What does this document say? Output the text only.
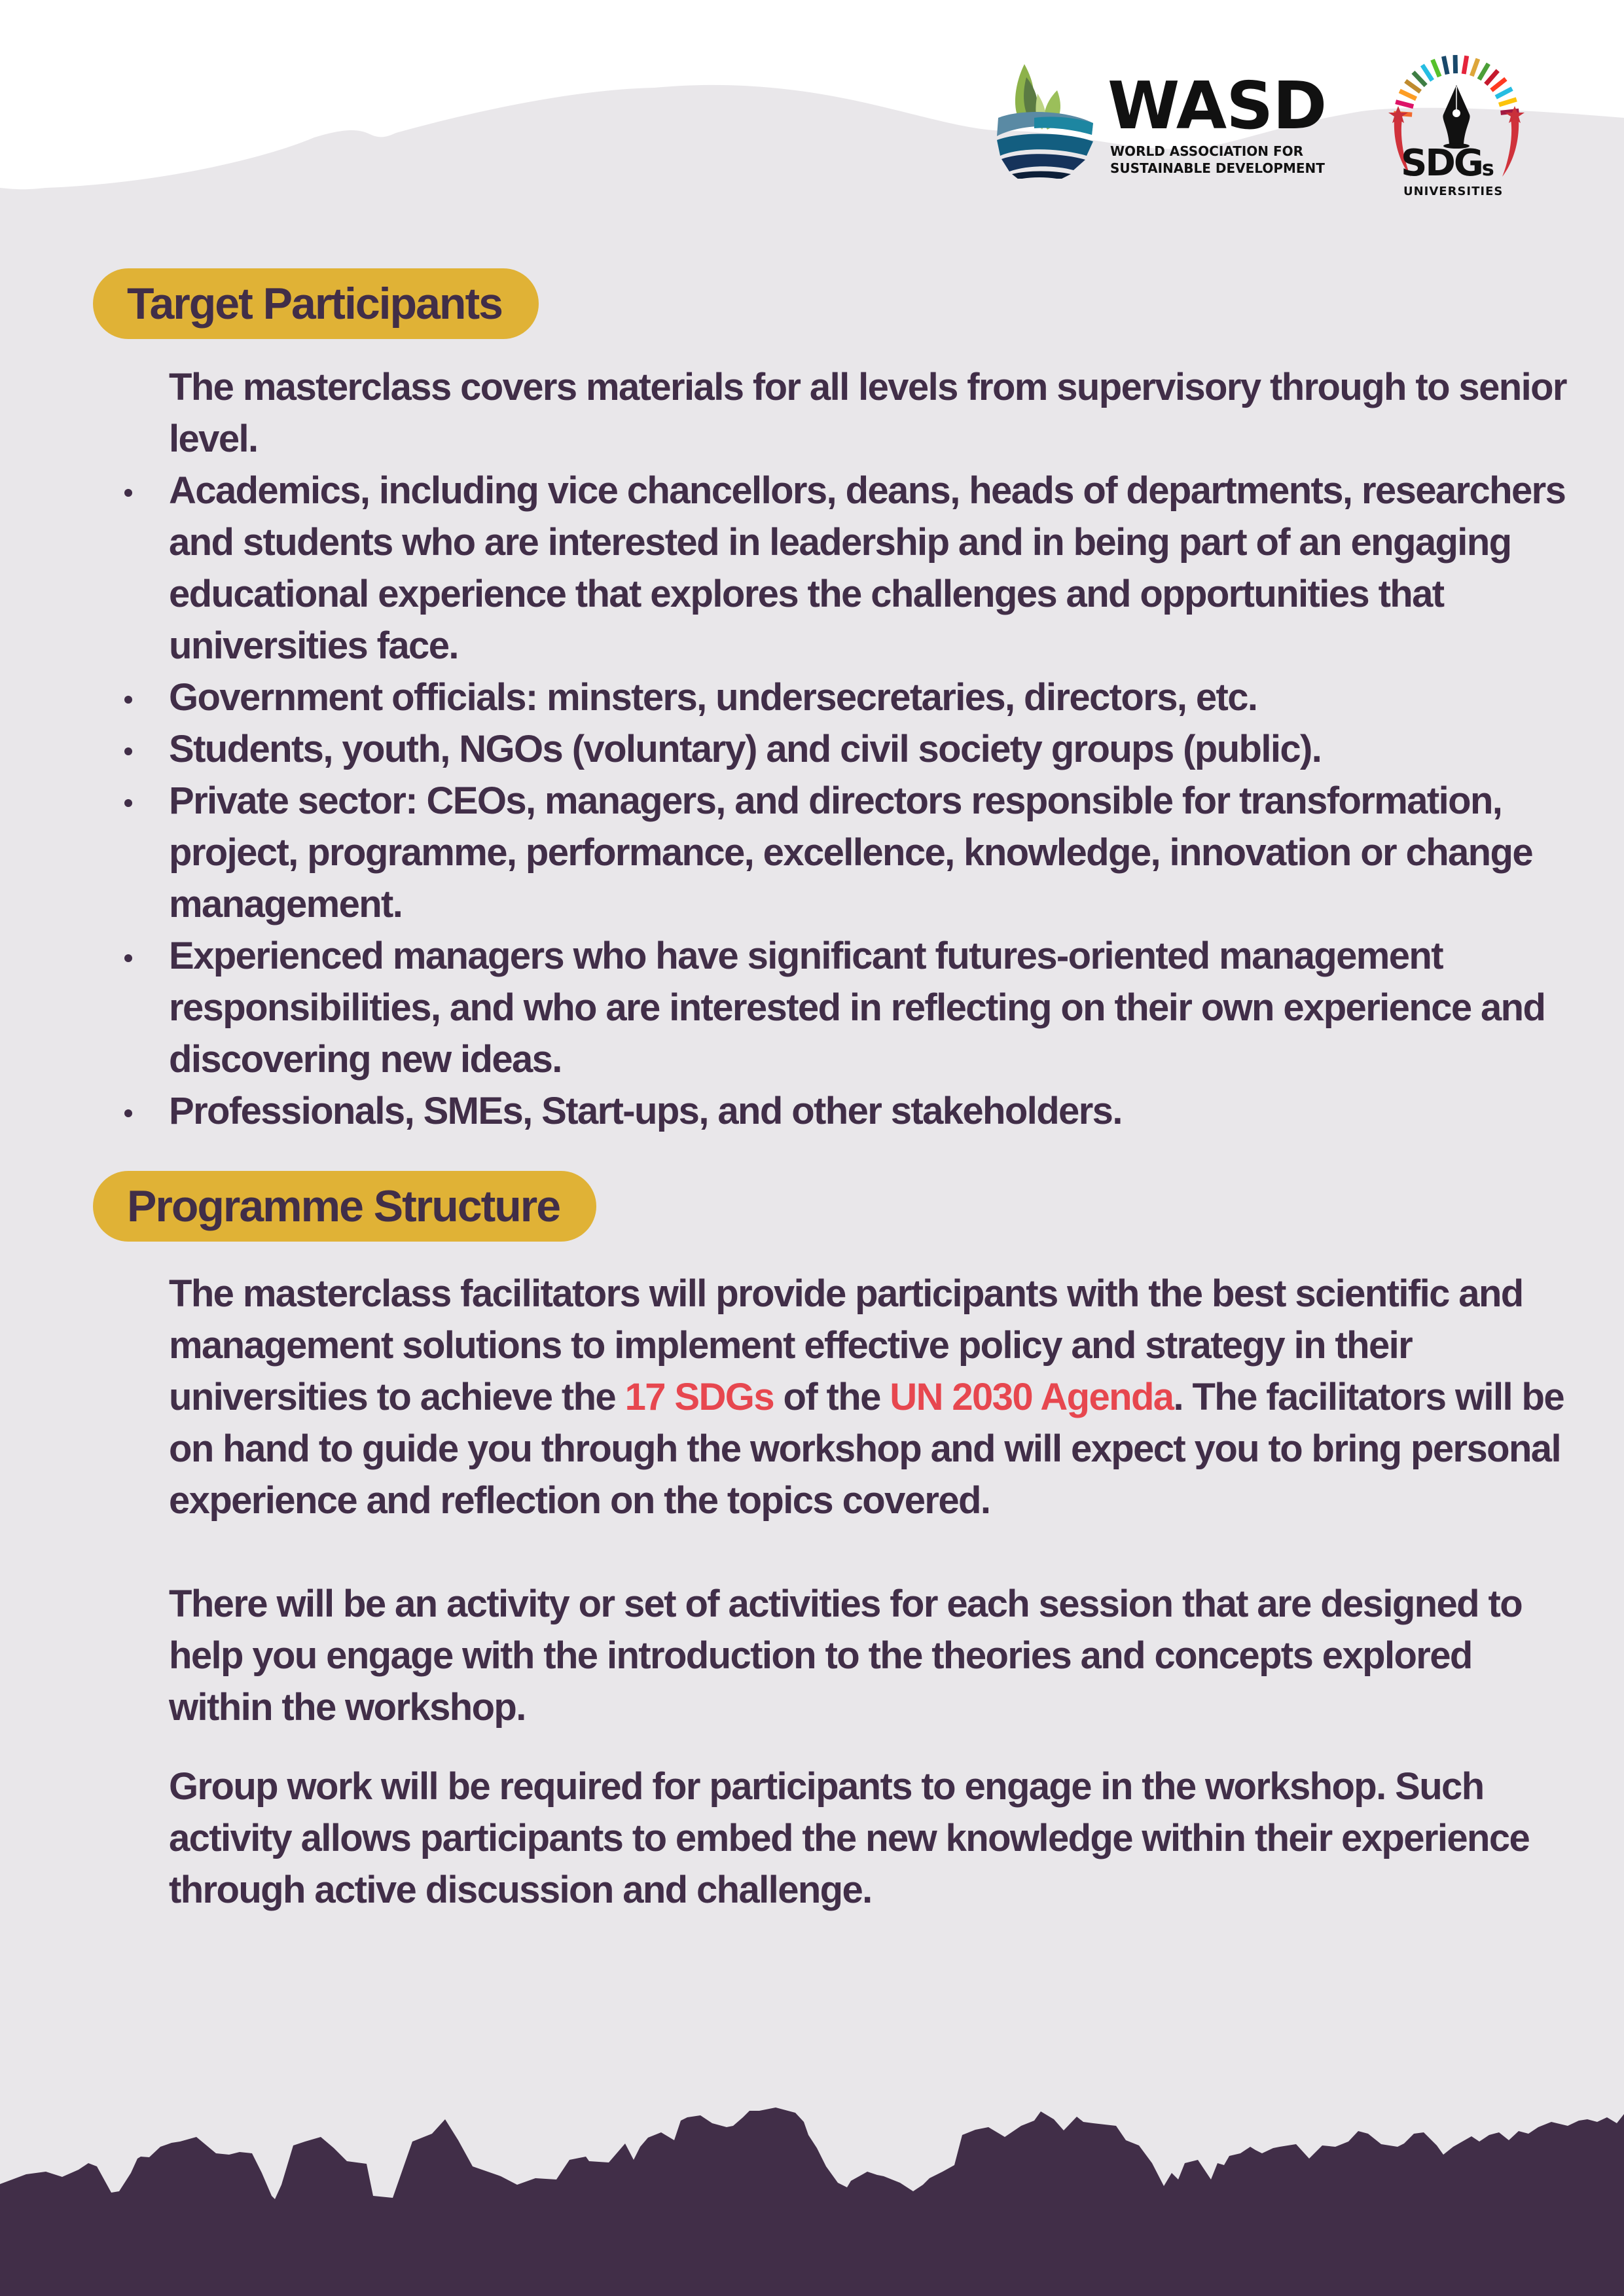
WASD
WORLD ASSOCIATION FOR
SUSTAINABLE DEVELOPMENT SDGs
UNIVERSITIES
Target Participants
The masterclass covers materials for all levels from supervisory through to senior level.
Academics, including vice chancellors, deans, heads of departments, researchers and students who are interested in leadership and in being part of an engaging educational experience that explores the challenges and opportunities that universities face.
Government officials: minsters, undersecretaries, directors, etc.
Students, youth, NGOs (voluntary) and civil society groups (public).
Private sector: CEOs, managers, and directors responsible for transformation, project, programme, performance, excellence, knowledge, innovation or change management.
Experienced managers who have significant futures-oriented management responsibilities, and who are interested in reflecting on their own experience and discovering new ideas.
Professionals, SMEs, Start-ups, and other stakeholders.
Programme Structure
The masterclass facilitators will provide participants with the best scientific and management solutions to implement effective policy and strategy in their universities to achieve the 17 SDGs of the UN 2030 Agenda. The facilitators will be on hand to guide you through the workshop and will expect you to bring personal experience and reflection on the topics covered.
There will be an activity or set of activities for each session that are designed to help you engage with the introduction to the theories and concepts explored within the workshop.
Group work will be required for participants to engage in the workshop. Such activity allows participants to embed the new knowledge within their experience through active discussion and challenge.
